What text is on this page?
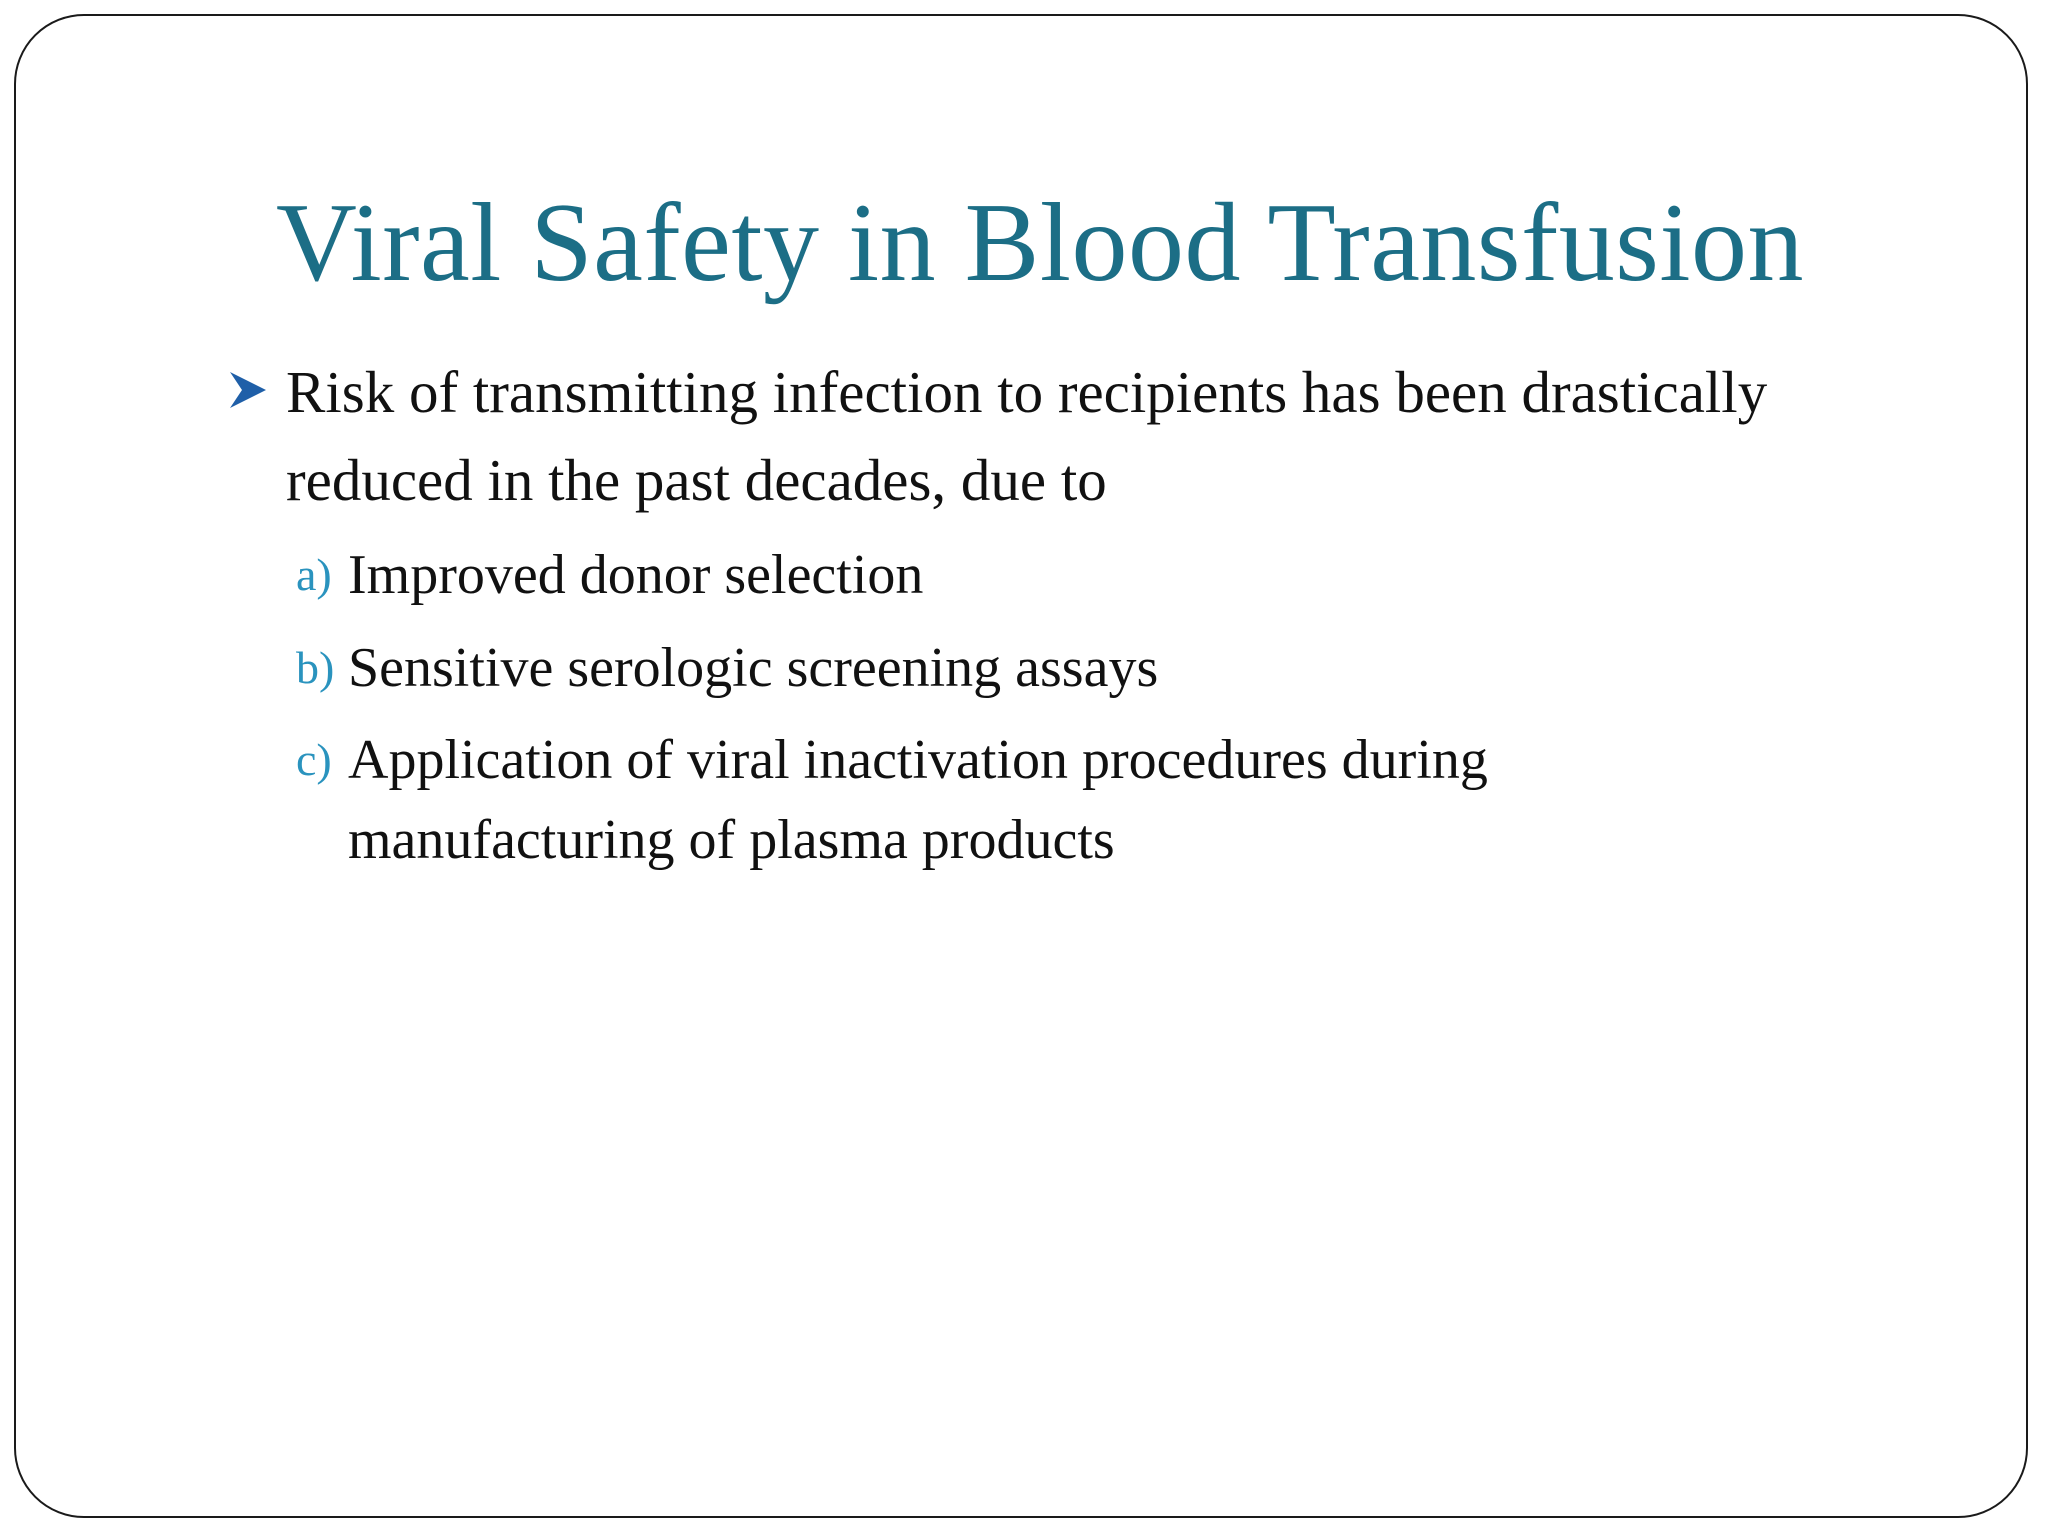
Viral Safety in Blood Transfusion
Risk of transmitting infection to recipients has been drastically reduced in the past decades, due to
a) Improved donor selection
b) Sensitive serologic screening assays
c) Application of viral inactivation procedures during manufacturing of plasma products
